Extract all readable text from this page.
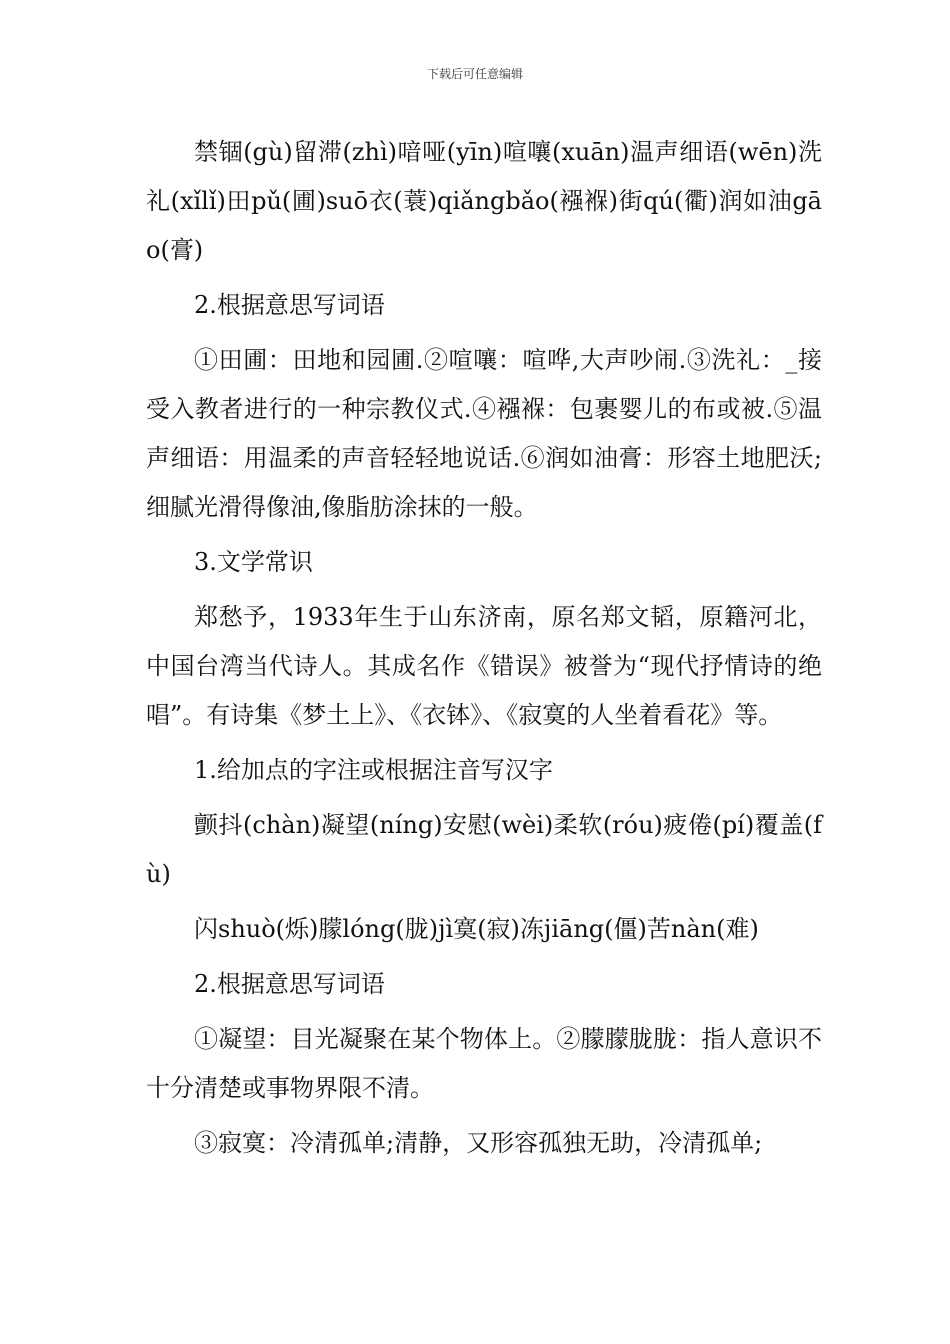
下载后可任意编辑

禁锢(gù)留滞(zhì)喑哑(yīn)喧嚷(xuān)温声细语(wēn)洗礼(xǐlǐ)田pǔ(圃)suō衣(蓑)qiǎngbǎo(襁褓)街qú(衢)润如油gāo(膏)

2.根据意思写词语

①田圃：田地和园圃.②喧嚷：喧哗,大声吵闹.③洗礼：_接受入教者进行的一种宗教仪式.④襁褓：包裹婴儿的布或被.⑤温声细语：用温柔的声音轻轻地说话.⑥润如油膏：形容土地肥沃;细腻光滑得像油,像脂肪涂抹的一般。

3.文学常识

郑愁予，1933年生于山东济南，原名郑文韬，原籍河北，中国台湾当代诗人。其成名作《错误》被誉为“现代抒情诗的绝唱”。有诗集《梦土上》、《衣钵》、《寂寞的人坐着看花》等。

1.给加点的字注或根据注音写汉字

颤抖(chàn)凝望(níng)安慰(wèi)柔软(róu)疲倦(pí)覆盖(fù)

闪shuò(烁)朦lóng(胧)jì寞(寂)冻jiāng(僵)苦nàn(难)

2.根据意思写词语

①凝望：目光凝聚在某个物体上。②朦朦胧胧：指人意识不十分清楚或事物界限不清。

③寂寞：冷清孤单;清静，又形容孤独无助，冷清孤单;
